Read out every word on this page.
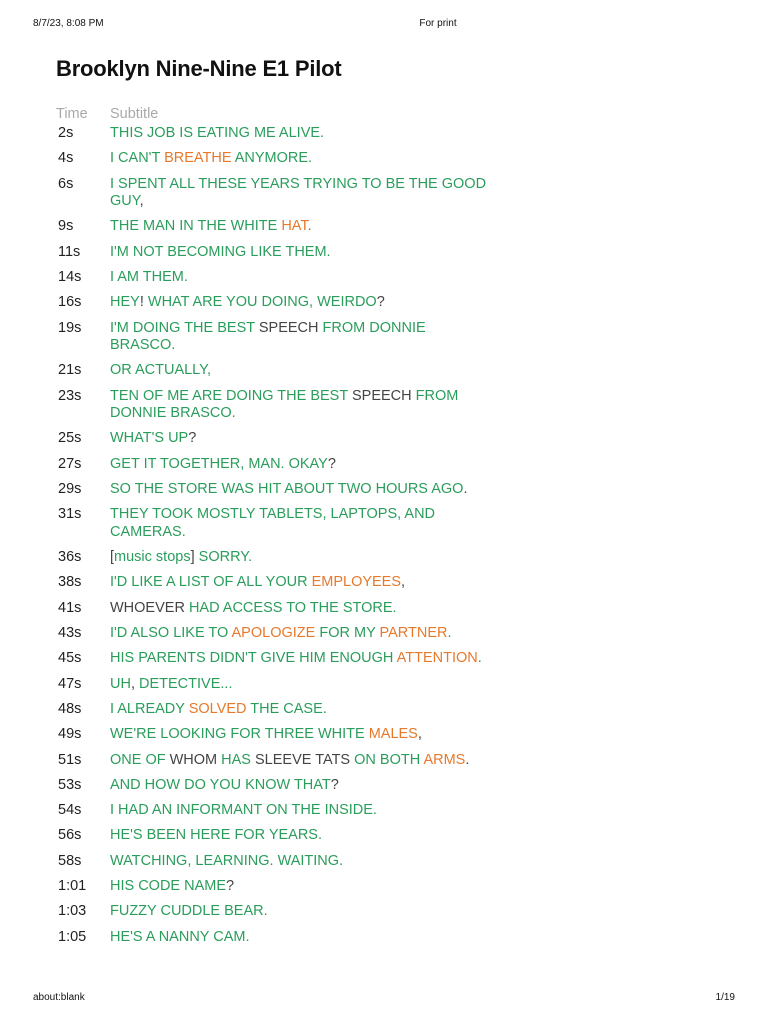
8/7/23, 8:08 PM	For print
Brooklyn Nine-Nine E1 Pilot
Time	Subtitle
2s	THIS JOB IS EATING ME ALIVE.
4s	I CAN'T BREATHE ANYMORE.
6s	I SPENT ALL THESE YEARS TRYING TO BE THE GOOD GUY,
9s	THE MAN IN THE WHITE HAT.
11s	I'M NOT BECOMING LIKE THEM.
14s	I AM THEM.
16s	HEY! WHAT ARE YOU DOING, WEIRDO?
19s	I'M DOING THE BEST SPEECH FROM DONNIE BRASCO.
21s	OR ACTUALLY,
23s	TEN OF ME ARE DOING THE BEST SPEECH FROM DONNIE BRASCO.
25s	WHAT'S UP?
27s	GET IT TOGETHER, MAN. OKAY?
29s	SO THE STORE WAS HIT ABOUT TWO HOURS AGO.
31s	THEY TOOK MOSTLY TABLETS, LAPTOPS, AND CAMERAS.
36s	[music stops] SORRY.
38s	I'D LIKE A LIST OF ALL YOUR EMPLOYEES,
41s	WHOEVER HAD ACCESS TO THE STORE.
43s	I'D ALSO LIKE TO APOLOGIZE FOR MY PARTNER.
45s	HIS PARENTS DIDN'T GIVE HIM ENOUGH ATTENTION.
47s	UH, DETECTIVE...
48s	I ALREADY SOLVED THE CASE.
49s	WE'RE LOOKING FOR THREE WHITE MALES,
51s	ONE OF WHOM HAS SLEEVE TATS ON BOTH ARMS.
53s	AND HOW DO YOU KNOW THAT?
54s	I HAD AN INFORMANT ON THE INSIDE.
56s	HE'S BEEN HERE FOR YEARS.
58s	WATCHING, LEARNING. WAITING.
1:01	HIS CODE NAME?
1:03	FUZZY CUDDLE BEAR.
1:05	HE'S A NANNY CAM.
about:blank	1/19
